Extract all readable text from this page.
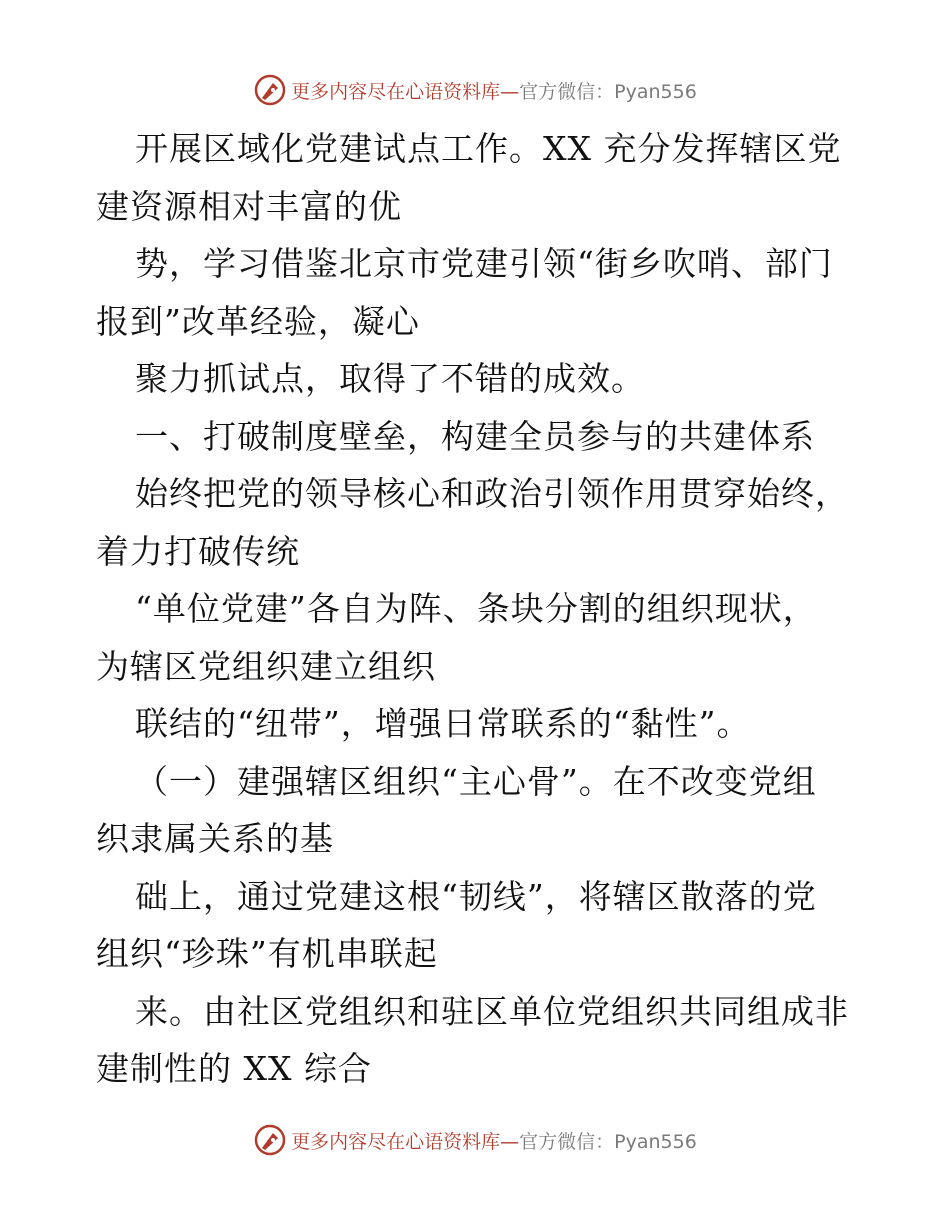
更多内容尽在心语资料库—官方微信：Pyan556
开展区域化党建试点工作。XX 充分发挥辖区党
建资源相对丰富的优
势，学习借鉴北京市党建引领“街乡吹哨、部门
报到”改革经验，凝心
聚力抓试点，取得了不错的成效。
一、打破制度壁垒，构建全员参与的共建体系
始终把党的领导核心和政治引领作用贯穿始终，
着力打破传统
“单位党建”各自为阵、条块分割的组织现状，
为辖区党组织建立组织
联结的“纽带”，增强日常联系的“黏性”。
（一）建强辖区组织“主心骨”。在不改变党组
织隶属关系的基
础上，通过党建这根“韧线”，将辖区散落的党
组织“珍珠”有机串联起
来。由社区党组织和驻区单位党组织共同组成非
建制性的 XX 综合
更多内容尽在心语资料库—官方微信：Pyan556
